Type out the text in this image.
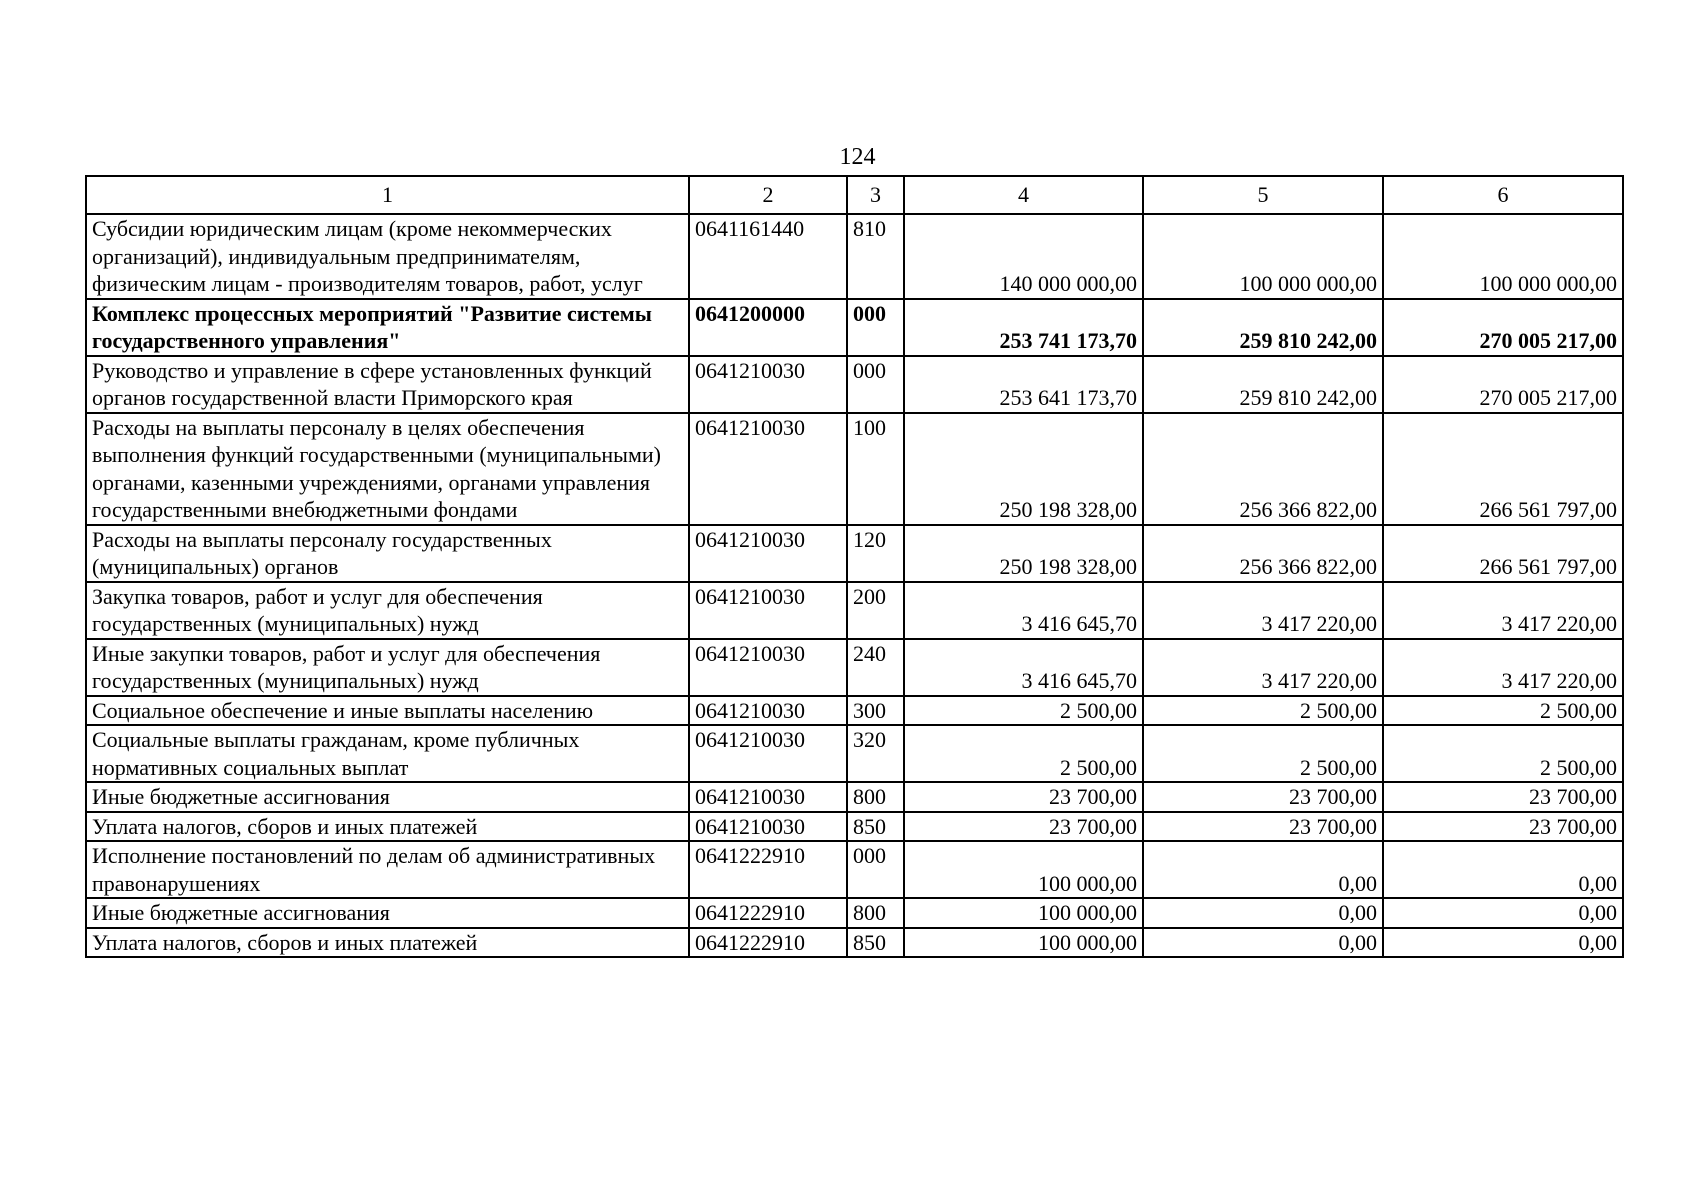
124
1	2	3	4	5	6
Субсидии юридическим лицам (кроме некоммерческих организаций), индивидуальным предпринимателям, физическим лицам - производителям товаров, работ, услуг	0641161440	810	140 000 000,00	100 000 000,00	100 000 000,00
Комплекс процессных мероприятий "Развитие системы государственного управления"	0641200000	000	253 741 173,70	259 810 242,00	270 005 217,00
Руководство и управление в сфере установленных функций органов государственной власти Приморского края	0641210030	000	253 641 173,70	259 810 242,00	270 005 217,00
Расходы на выплаты персоналу в целях обеспечения выполнения функций государственными (муниципальными) органами, казенными учреждениями, органами управления государственными внебюджетными фондами	0641210030	100	250 198 328,00	256 366 822,00	266 561 797,00
Расходы на выплаты персоналу государственных (муниципальных) органов	0641210030	120	250 198 328,00	256 366 822,00	266 561 797,00
Закупка товаров, работ и услуг для обеспечения государственных (муниципальных) нужд	0641210030	200	3 416 645,70	3 417 220,00	3 417 220,00
Иные закупки товаров, работ и услуг для обеспечения государственных (муниципальных) нужд	0641210030	240	3 416 645,70	3 417 220,00	3 417 220,00
Социальное обеспечение и иные выплаты населению	0641210030	300	2 500,00	2 500,00	2 500,00
Социальные выплаты гражданам, кроме публичных нормативных социальных выплат	0641210030	320	2 500,00	2 500,00	2 500,00
Иные бюджетные ассигнования	0641210030	800	23 700,00	23 700,00	23 700,00
Уплата налогов, сборов и иных платежей	0641210030	850	23 700,00	23 700,00	23 700,00
Исполнение постановлений по делам об административных правонарушениях	0641222910	000	100 000,00	0,00	0,00
Иные бюджетные ассигнования	0641222910	800	100 000,00	0,00	0,00
Уплата налогов, сборов и иных платежей	0641222910	850	100 000,00	0,00	0,00
